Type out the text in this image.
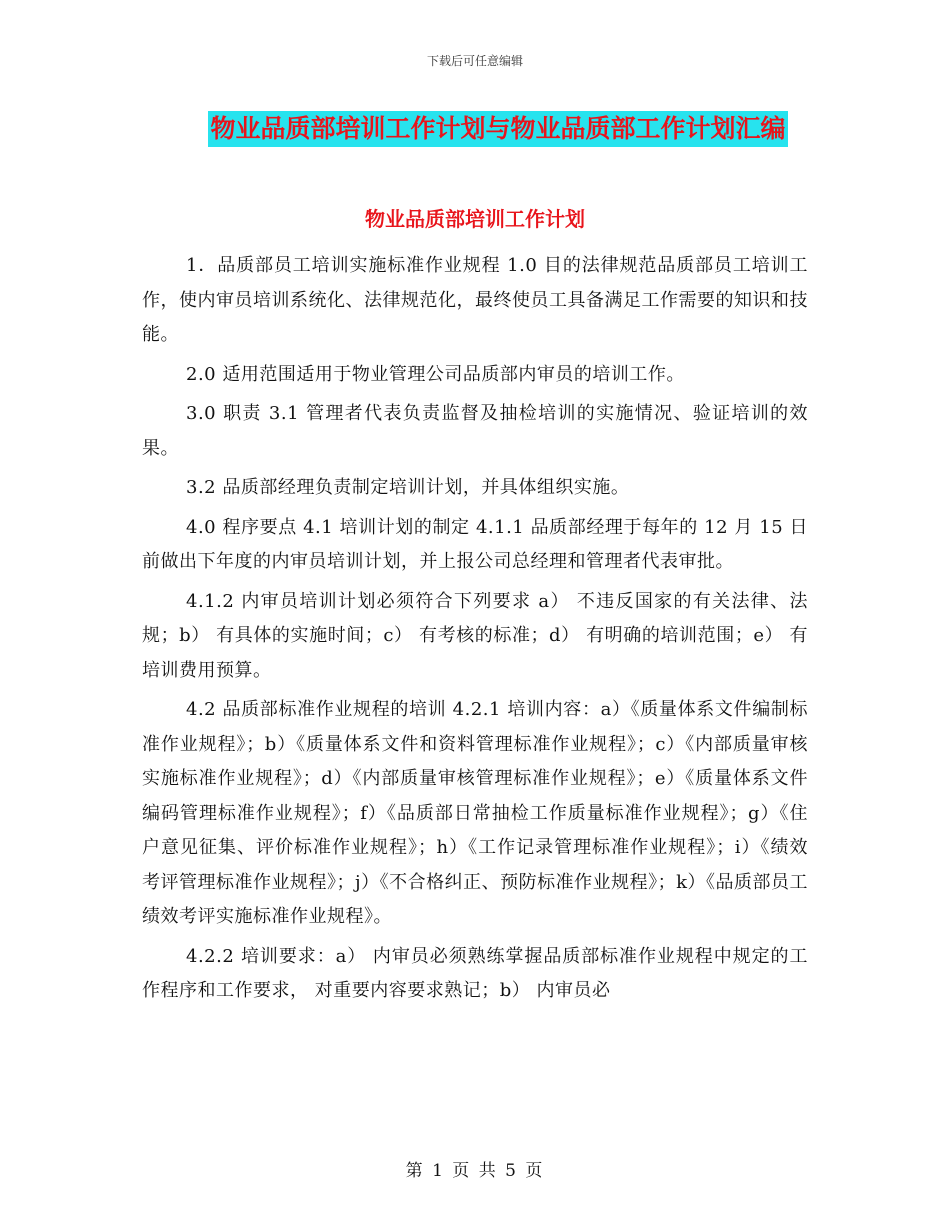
下载后可任意编辑
物业品质部培训工作计划与物业品质部工作计划汇编
物业品质部培训工作计划

1．品质部员工培训实施标准作业规程 1.0 目的法律规范品质部员工培训工作，使内审员培训系统化、法律规范化，最终使员工具备满足工作需要的知识和技能。

2.0 适用范围适用于物业管理公司品质部内审员的培训工作。

3.0 职责 3.1 管理者代表负责监督及抽检培训的实施情况、验证培训的效果。

3.2 品质部经理负责制定培训计划，并具体组织实施。

4.0 程序要点 4.1 培训计划的制定 4.1.1 品质部经理于每年的 12 月 15 日前做出下年度的内审员培训计划，并上报公司总经理和管理者代表审批。

4.1.2 内审员培训计划必须符合下列要求 a） 不违反国家的有关法律、法规；b） 有具体的实施时间；c） 有考核的标准；d） 有明确的培训范围；e） 有培训费用预算。

4.2 品质部标准作业规程的培训 4.2.1 培训内容：a）《质量体系文件编制标准作业规程》；b）《质量体系文件和资料管理标准作业规程》；c）《内部质量审核实施标准作业规程》；d）《内部质量审核管理标准作业规程》；e）《质量体系文件编码管理标准作业规程》；f）《品质部日常抽检工作质量标准作业规程》；g）《住户意见征集、评价标准作业规程》；h）《工作记录管理标准作业规程》；i）《绩效考评管理标准作业规程》；j）《不合格纠正、预防标准作业规程》；k）《品质部员工绩效考评实施标准作业规程》。

4.2.2 培训要求：a） 内审员必须熟练掌握品质部标准作业规程中规定的工作程序和工作要求， 对重要内容要求熟记；b） 内审员必

第 1 页 共 5 页
